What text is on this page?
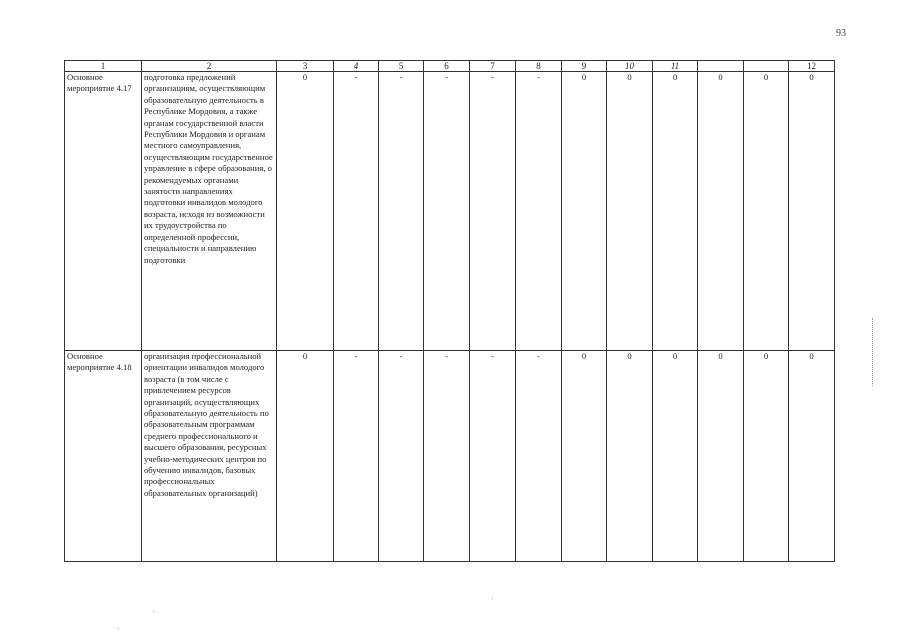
93
1	2	3	4	5	6	7	8	9	10	11			12
Основное мероприятие 4.17	подготовка предложений организациям, осуществляющим образовательную деятельность в Республике Мордовия, а также органам государственной власти Республики Мордовия и органам местного самоуправления, осуществляющим государственное управление в сфере образования, о рекомендуемых органами занятости направлениях подготовки инвалидов молодого возраста, исходя из возможности их трудоустройства по определенной профессии, специальности и направлению подготовки	0	-	-	-	-	-	0	0	0	0	0	0
Основное мероприятие 4.18	организация профессиональной ориентации инвалидов молодого возраста (в том числе с привлечением ресурсов организаций, осуществляющих образовательную деятельность по образовательным программам среднего профессионального и высшего образования, ресурсных учебно-методических центров по обучению инвалидов, базовых профессиональных образовательных организаций)	0	-	-	-	-	-	0	0	0	0	0	0
